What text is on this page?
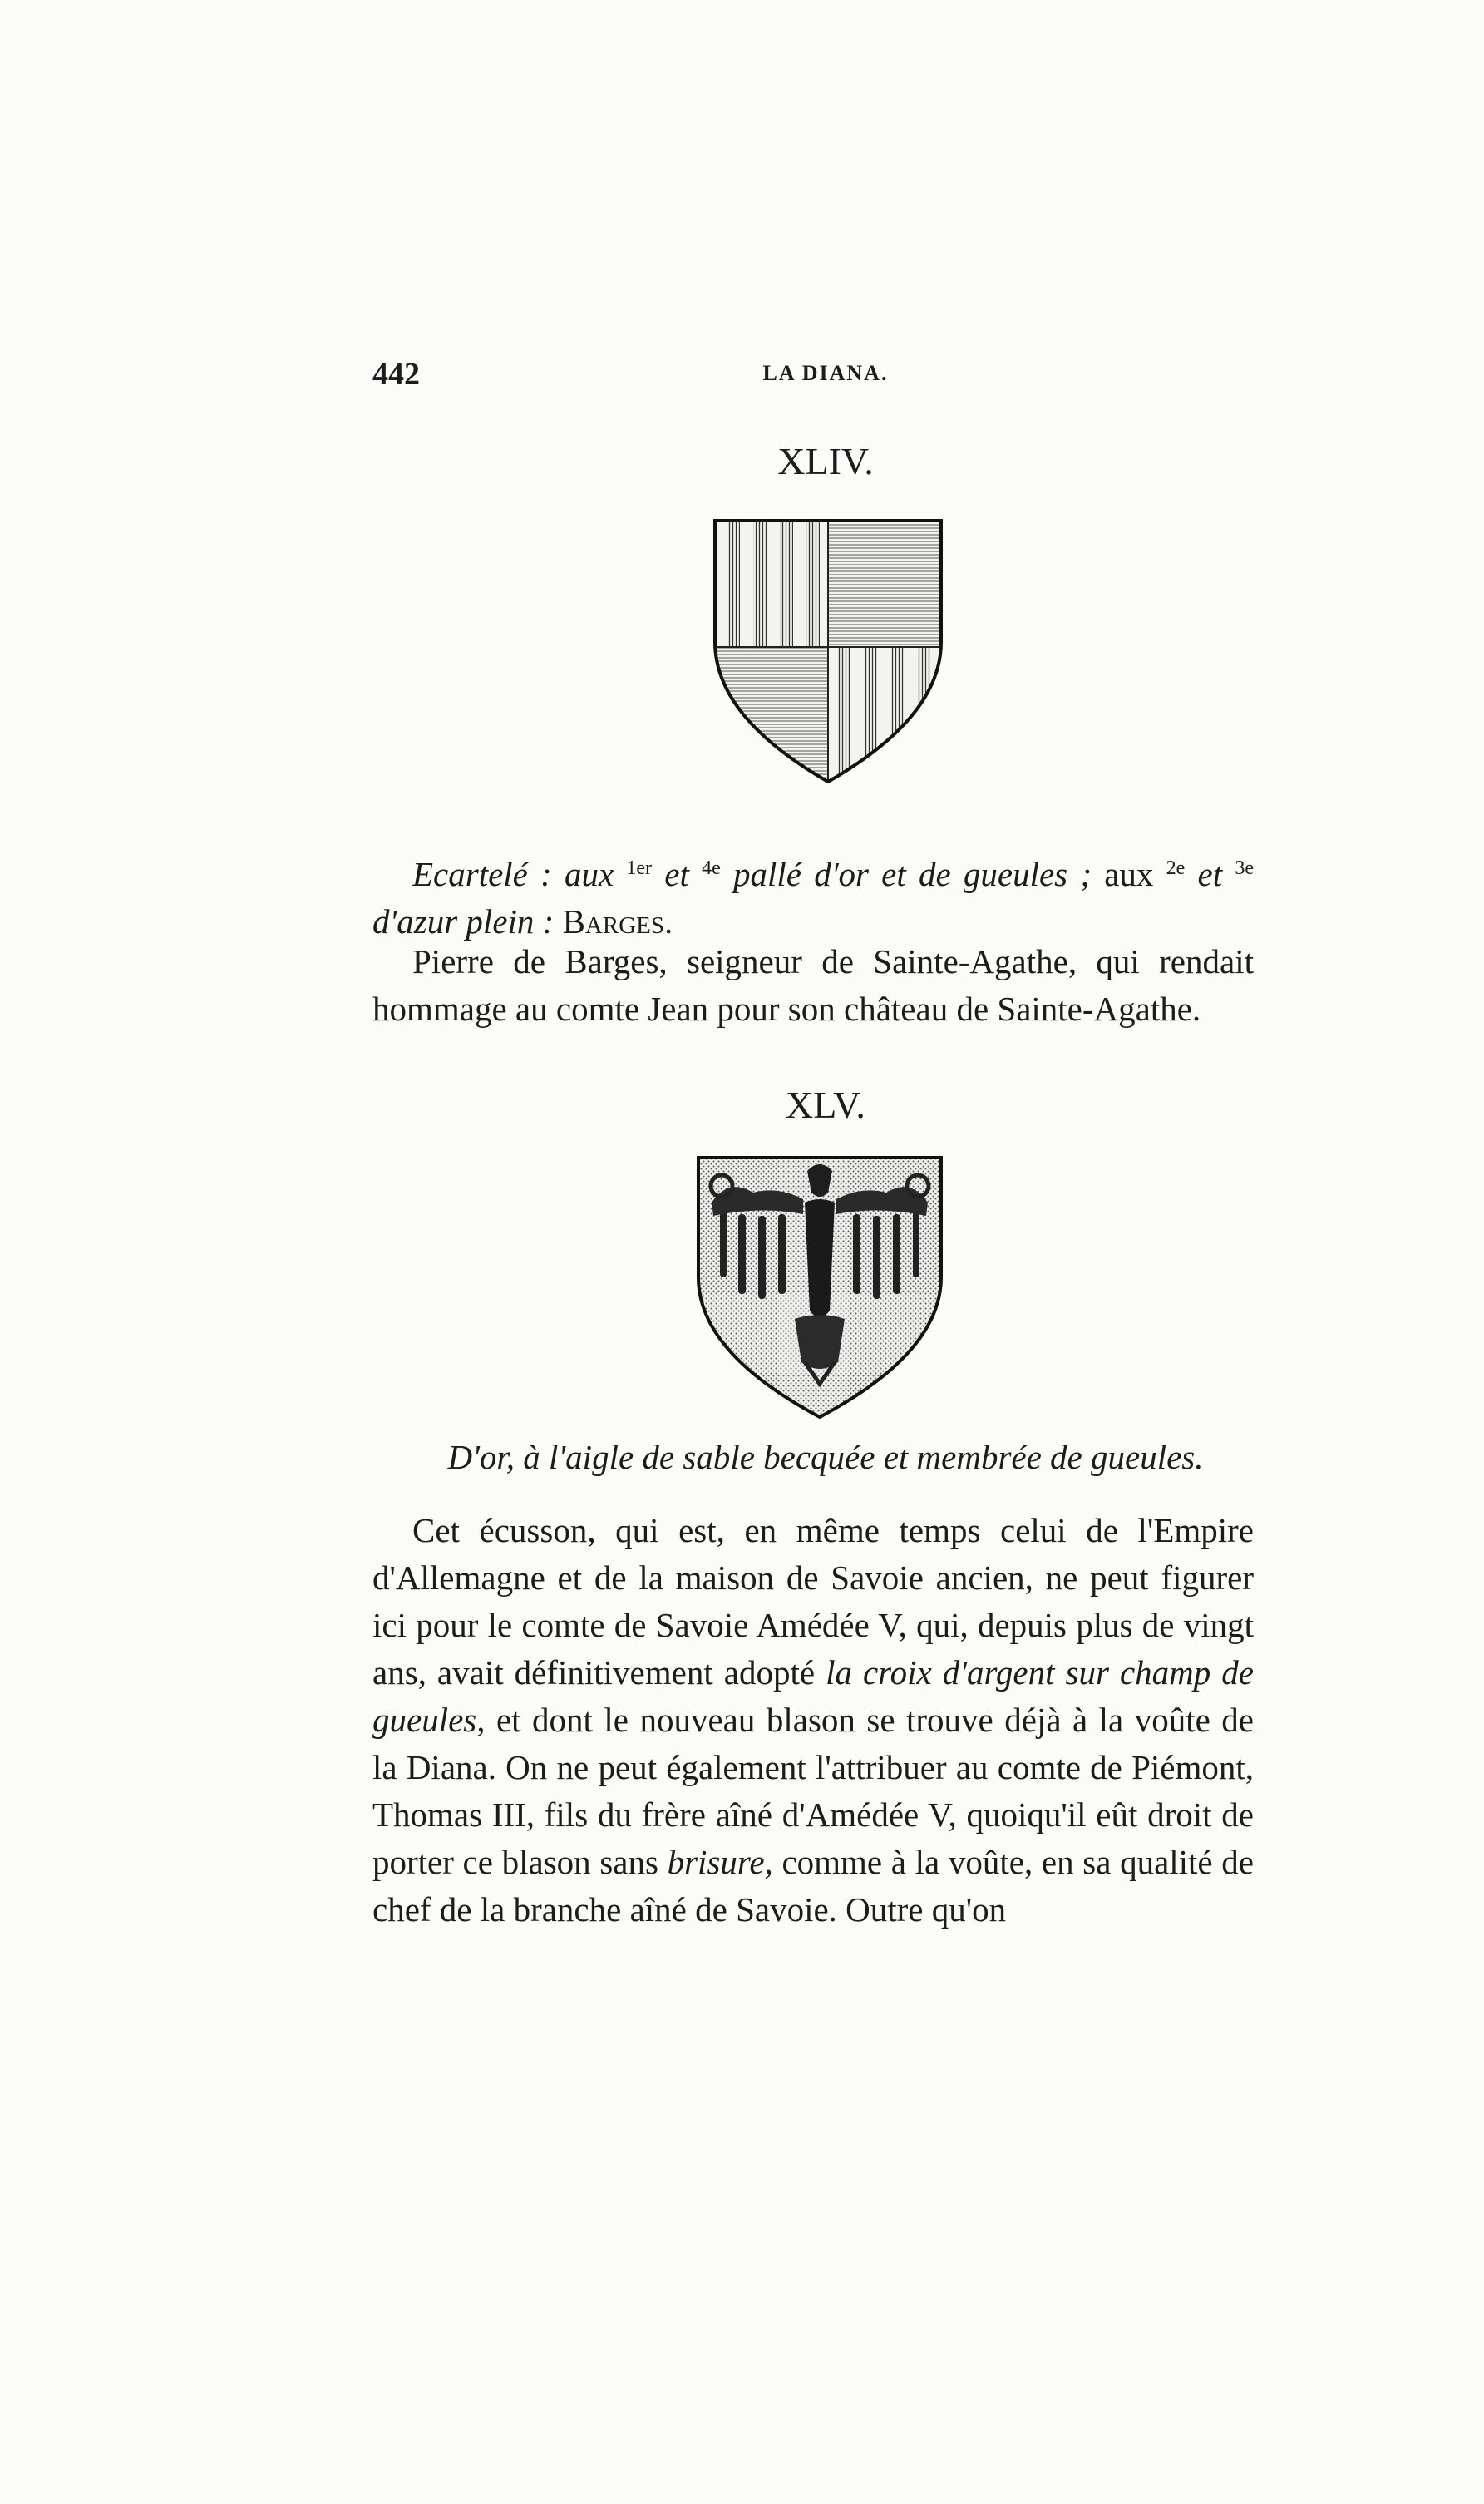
442	LA DIANA.
XLIV.

Ecartelé : aux $^{1er}$ et $^{4e}$ pallé d'or et de gueules ; aux $^{2e}$ et $^{3e}$ d'azur plein : Barges.

Pierre de Barges, seigneur de Sainte-Agathe, qui rendait hommage au comte Jean pour son château de Sainte-Agathe.

XLV.
D'or, à l'aigle de sable becquée et membrée de gueules.

Cet écusson, qui est, en même temps celui de l'Empire d'Allemagne et de la maison de Savoie ancien, ne peut figurer ici pour le comte de Savoie Amédée V, qui, depuis plus de vingt ans, avait définitivement adopté la croix d'argent sur champ de gueules, et dont le nouveau blason se trouve déjà à la voûte de la Diana. On ne peut également l'attribuer au comte de Piémont, Thomas III, fils du frère aîné d'Amédée V, quoiqu'il eût droit de porter ce blason sans brisure, comme à la voûte, en sa qualité de chef de la branche aîné de Savoie. Outre qu'on
